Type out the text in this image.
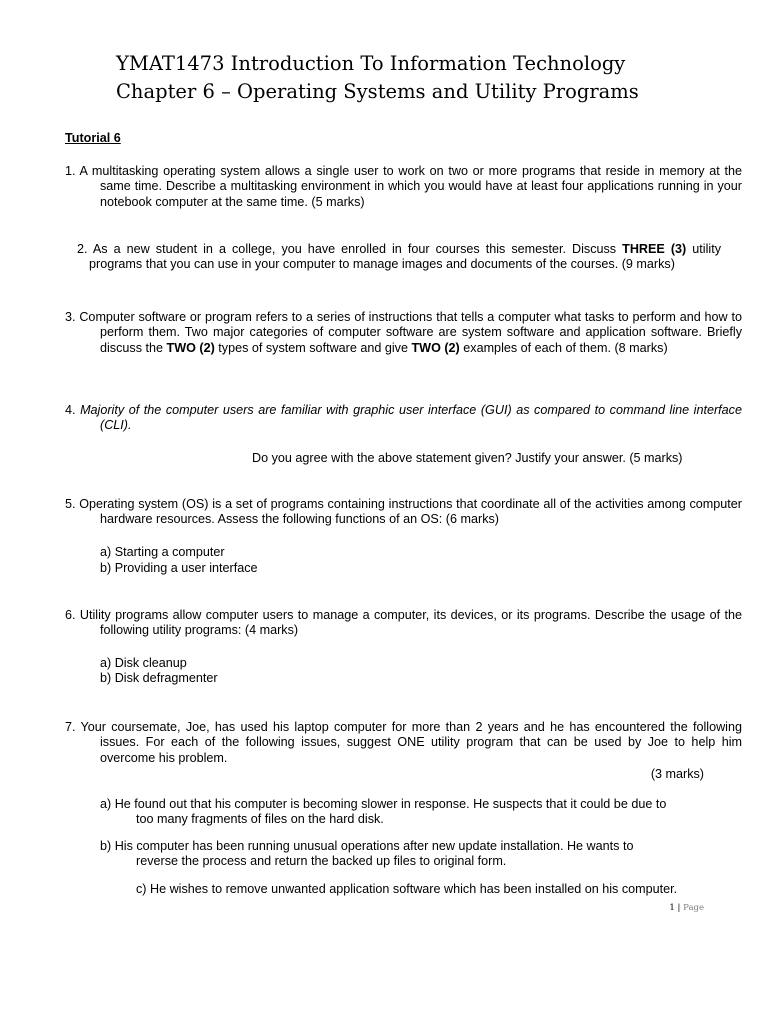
YMAT1473 Introduction To Information Technology
Chapter 6 – Operating Systems and Utility Programs
Tutorial 6
1. A multitasking operating system allows a single user to work on two or more programs that reside in memory at the same time. Describe a multitasking environment in which you would have at least four applications running in your notebook computer at the same time. (5 marks)
2. As a new student in a college, you have enrolled in four courses this semester. Discuss THREE (3) utility programs that you can use in your computer to manage images and documents of the courses. (9 marks)
3. Computer software or program refers to a series of instructions that tells a computer what tasks to perform and how to perform them. Two major categories of computer software are system software and application software. Briefly discuss the TWO (2) types of system software and give TWO (2) examples of each of them. (8 marks)
4. Majority of the computer users are familiar with graphic user interface (GUI) as compared to command line interface (CLI).
Do you agree with the above statement given? Justify your answer. (5 marks)
5. Operating system (OS) is a set of programs containing instructions that coordinate all of the activities among computer hardware resources. Assess the following functions of an OS: (6 marks)
a) Starting a computer
b) Providing a user interface
6. Utility programs allow computer users to manage a computer, its devices, or its programs. Describe the usage of the following utility programs: (4 marks)
a) Disk cleanup
b) Disk defragmenter
7. Your coursemate, Joe, has used his laptop computer for more than 2 years and he has encountered the following issues. For each of the following issues, suggest ONE utility program that can be used by Joe to help him overcome his problem.
(3 marks)
a) He found out that his computer is becoming slower in response. He suspects that it could be due to
too many fragments of files on the hard disk.
b) His computer has been running unusual operations after new update installation. He wants to
reverse the process and return the backed up files to original form.
c) He wishes to remove unwanted application software which has been installed on his computer.
1 | Page
